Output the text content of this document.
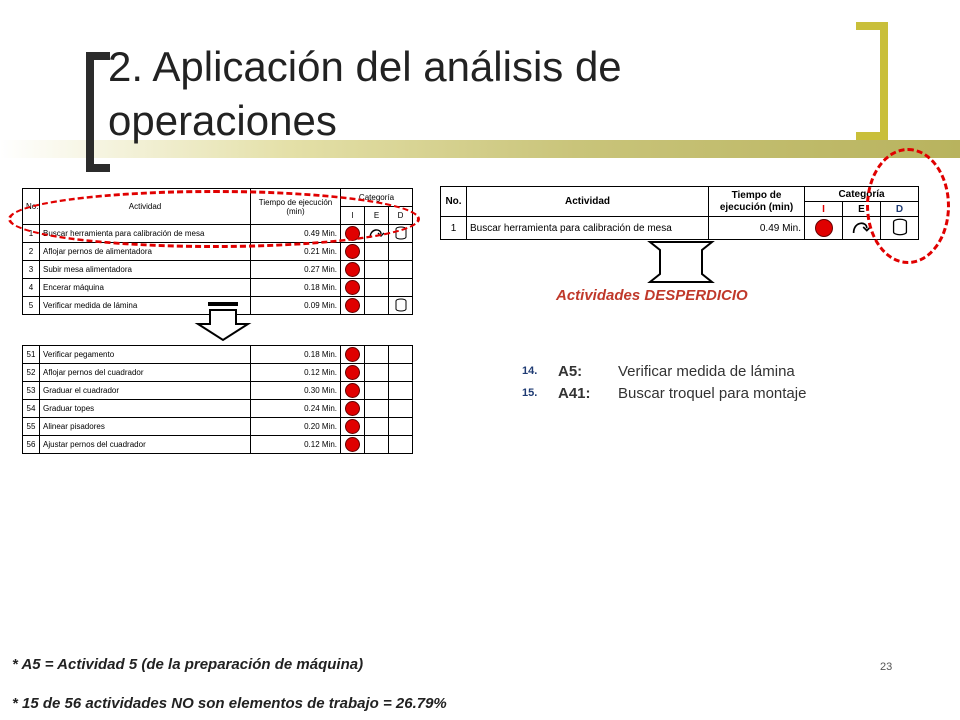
2. Aplicación del análisis de operaciones
No.	Actividad	Tiempo de ejecución (min)	Categoría		
			I	E	D
1	Buscar herramienta para calibración de mesa	0.49 Min.			
2	Aflojar pernos de alimentadora	0.21 Min.			
3	Subir mesa alimentadora	0.27 Min.			
4	Encerar máquina	0.18 Min.			
5	Verificar medida de lámina	0.09 Min.			
51	Verificar pegamento	0.18 Min.			
52	Aflojar pernos del cuadrador	0.12 Min.			
53	Graduar el cuadrador	0.30 Min.			
54	Graduar topes	0.24 Min.			
55	Alinear pisadores	0.20 Min.			
56	Ajustar pernos del cuadrador	0.12 Min.			
No.	Actividad	Tiempo de ejecución (min)	Categoría		
			I	E	D
1	Buscar herramienta para calibración de mesa	0.49 Min.			
Actividades DESPERDICIO
14.	A5:	Verificar medida de lámina
15.	A41:	Buscar troquel para montaje
* A5 = Actividad 5 (de la preparación de máquina)
* 15 de 56 actividades NO son elementos de trabajo = 26.79%
23
